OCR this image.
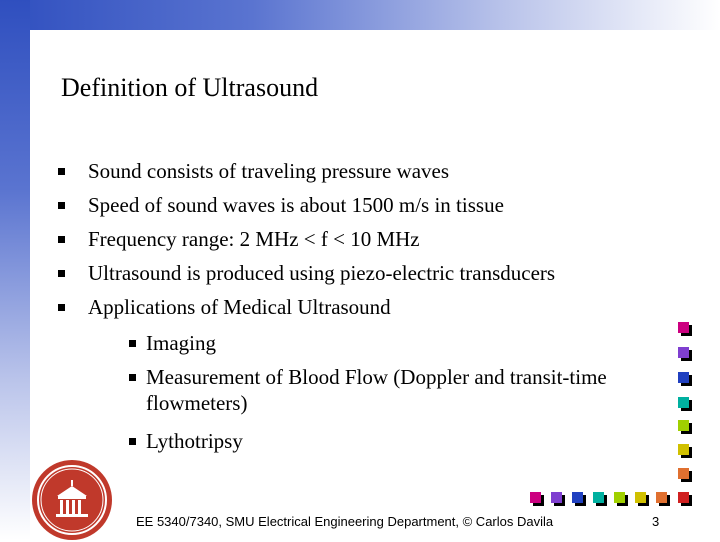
Definition of Ultrasound
Sound consists of traveling pressure waves
Speed of sound waves is about 1500 m/s in tissue
Frequency range: 2 MHz < f < 10 MHz
Ultrasound is produced using piezo-electric transducers
Applications of Medical Ultrasound
Imaging
Measurement of Blood Flow (Doppler and transit-time flowmeters)
Lythotripsy
EE 5340/7340, SMU Electrical Engineering Department, © Carlos Davila	3
